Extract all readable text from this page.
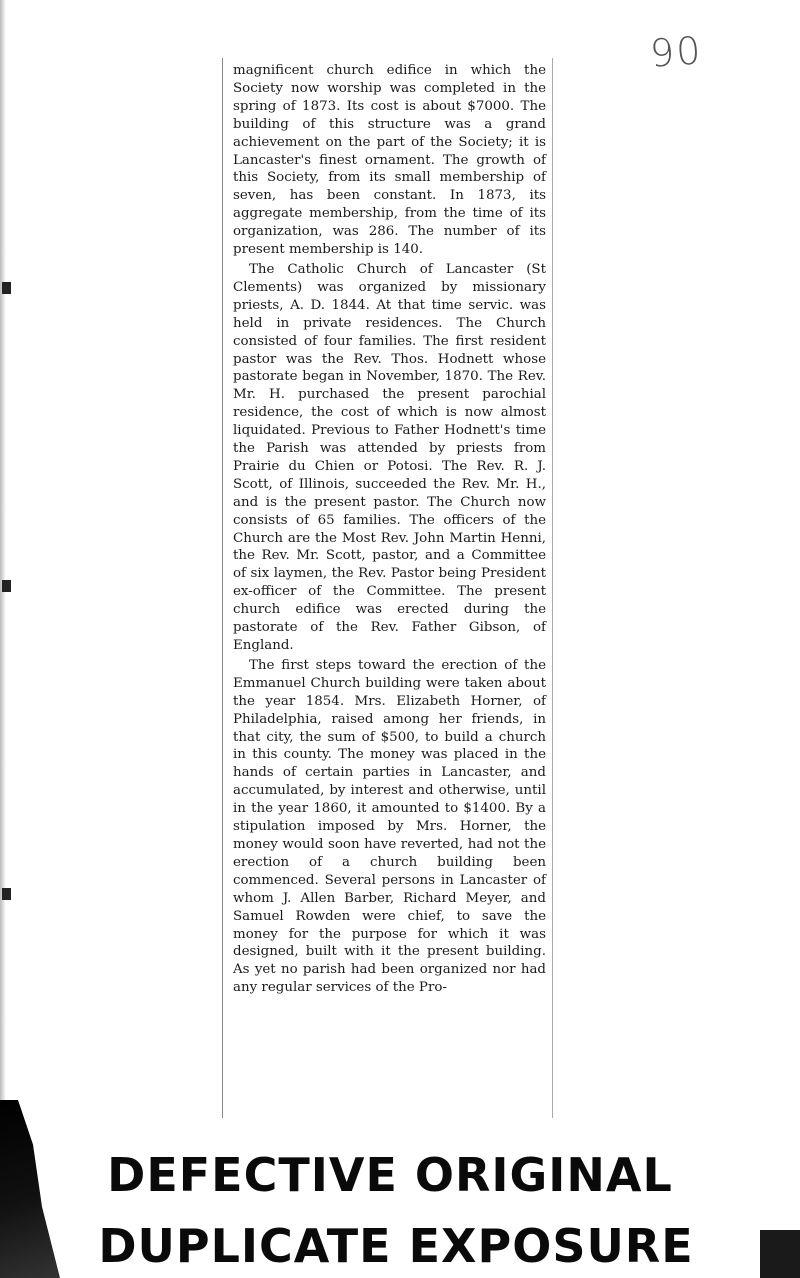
90

magnificent church edifice in which the Society now worship was completed in the spring of 1873. Its cost is about $7000. The building of this structure was a grand achievement on the part of the Society; it is Lancaster's finest ornament. The growth of this Society, from its small membership of seven, has been constant. In 1873, its aggregate membership, from the time of its organization, was 286. The number of its present membership is 140.

The Catholic Church of Lancaster (St Clements) was organized by missionary priests, A. D. 1844. At that time servic. was held in private residences. The Church consisted of four families. The first resident pastor was the Rev. Thos. Hodnett whose pastorate began in November, 1870. The Rev. Mr. H. purchased the present parochial residence, the cost of which is now almost liquidated. Previous to Father Hodnett's time the Parish was attended by priests from Prairie du Chien or Potosi. The Rev. R. J. Scott, of Illinois, succeeded the Rev. Mr. H., and is the present pastor. The Church now consists of 65 families. The officers of the Church are the Most Rev. John Martin Henni, the Rev. Mr. Scott, pastor, and a Committee of six laymen, the Rev. Pastor being President ex-officer of the Committee. The present church edifice was erected during the pastorate of the Rev. Father Gibson, of England.

The first steps toward the erection of the Emmanuel Church building were taken about the year 1854. Mrs. Elizabeth Horner, of Philadelphia, raised among her friends, in that city, the sum of $500, to build a church in this county. The money was placed in the hands of certain parties in Lancaster, and accumulated, by interest and otherwise, until in the year 1860, it amounted to $1400. By a stipulation imposed by Mrs. Horner, the money would soon have reverted, had not the erection of a church building been commenced. Several persons in Lancaster of whom J. Allen Barber, Richard Meyer, and Samuel Rowden were chief, to save the money for the purpose for which it was designed, built with it the present building. As yet no parish had been organized nor had any regular services of the Pro-

DEFECTIVE ORIGINAL
DUPLICATE EXPOSURE
